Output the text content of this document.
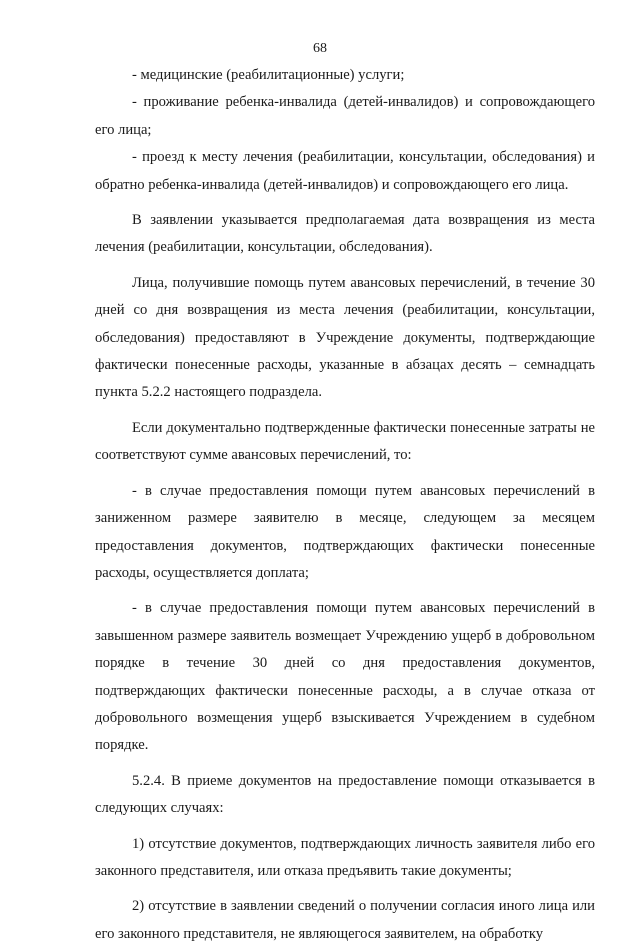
68

- медицинские (реабилитационные) услуги;

- проживание ребенка-инвалида (детей-инвалидов) и сопровождающего его лица;

- проезд к месту лечения (реабилитации, консультации, обследования) и обратно ребенка-инвалида (детей-инвалидов) и сопровождающего его лица.

В заявлении указывается предполагаемая дата возвращения из места лечения (реабилитации, консультации, обследования).

Лица, получившие помощь путем авансовых перечислений, в течение 30 дней со дня возвращения из места лечения (реабилитации, консультации, обследования) предоставляют в Учреждение документы, подтверждающие фактически понесенные расходы, указанные в абзацах десять – семнадцать пункта 5.2.2 настоящего подраздела.

Если документально подтвержденные фактически понесенные затраты не соответствуют сумме авансовых перечислений, то:

- в случае предоставления помощи путем авансовых перечислений в заниженном размере заявителю в месяце, следующем за месяцем предоставления документов, подтверждающих фактически понесенные расходы, осуществляется доплата;

- в случае предоставления помощи путем авансовых перечислений в завышенном размере заявитель возмещает Учреждению ущерб в добровольном порядке в течение 30 дней со дня предоставления документов, подтверждающих фактически понесенные расходы, а в случае отказа от добровольного возмещения ущерб взыскивается Учреждением в судебном порядке.

5.2.4. В приеме документов на предоставление помощи отказывается в следующих случаях:

1) отсутствие документов, подтверждающих личность заявителя либо его законного представителя, или отказа предъявить такие документы;

2) отсутствие в заявлении сведений о получении согласия иного лица или его законного представителя, не являющегося заявителем, на обработку
